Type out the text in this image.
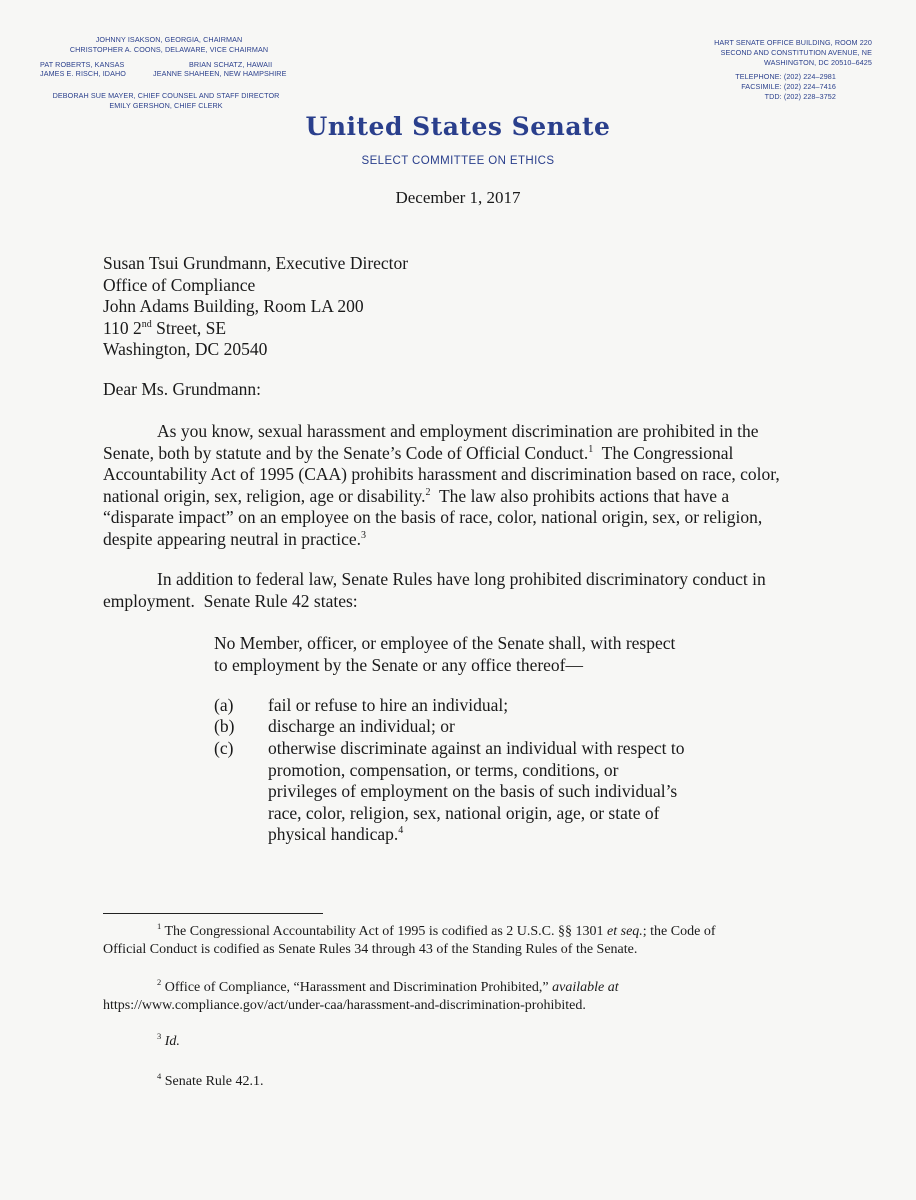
JOHNNY ISAKSON, GEORGIA, CHAIRMAN
CHRISTOPHER A. COONS, DELAWARE, VICE CHAIRMAN
PAT ROBERTS, KANSAS	BRIAN SCHATZ, HAWAII
JAMES E. RISCH, IDAHO	JEANNE SHAHEEN, NEW HAMPSHIRE
DEBORAH SUE MAYER, CHIEF COUNSEL AND STAFF DIRECTOR
EMILY GERSHON, CHIEF CLERK
HART SENATE OFFICE BUILDING, ROOM 220
SECOND AND CONSTITUTION AVENUE, NE
WASHINGTON, DC 20510–6425
TELEPHONE: (202) 224–2981
FACSIMILE: (202) 224–7416
TDD: (202) 228–3752
United States Senate
SELECT COMMITTEE ON ETHICS
December 1, 2017
Susan Tsui Grundmann, Executive Director
Office of Compliance
John Adams Building, Room LA 200
110 2nd Street, SE
Washington, DC 20540
Dear Ms. Grundmann:
As you know, sexual harassment and employment discrimination are prohibited in the
Senate, both by statute and by the Senate’s Code of Official Conduct.$^1$  The Congressional
Accountability Act of 1995 (CAA) prohibits harassment and discrimination based on race, color,
national origin, sex, religion, age or disability.$^2$  The law also prohibits actions that have a
“disparate impact” on an employee on the basis of race, color, national origin, sex, or religion,
despite appearing neutral in practice.$^3$
In addition to federal law, Senate Rules have long prohibited discriminatory conduct in
employment.  Senate Rule 42 states:
No Member, officer, or employee of the Senate shall, with respect
to employment by the Senate or any office thereof—
(a) fail or refuse to hire an individual;
(b) discharge an individual; or
(c) otherwise discriminate against an individual with respect to
promotion, compensation, or terms, conditions, or
privileges of employment on the basis of such individual’s
race, color, religion, sex, national origin, age, or state of
physical handicap.$^4$
$^1$ The Congressional Accountability Act of 1995 is codified as 2 U.S.C. §§ 1301 et seq.; the Code of
Official Conduct is codified as Senate Rules 34 through 43 of the Standing Rules of the Senate.
$^2$ Office of Compliance, “Harassment and Discrimination Prohibited,” available at
https://www.compliance.gov/act/under-caa/harassment-and-discrimination-prohibited.
$^3$ Id.
$^4$ Senate Rule 42.1.
